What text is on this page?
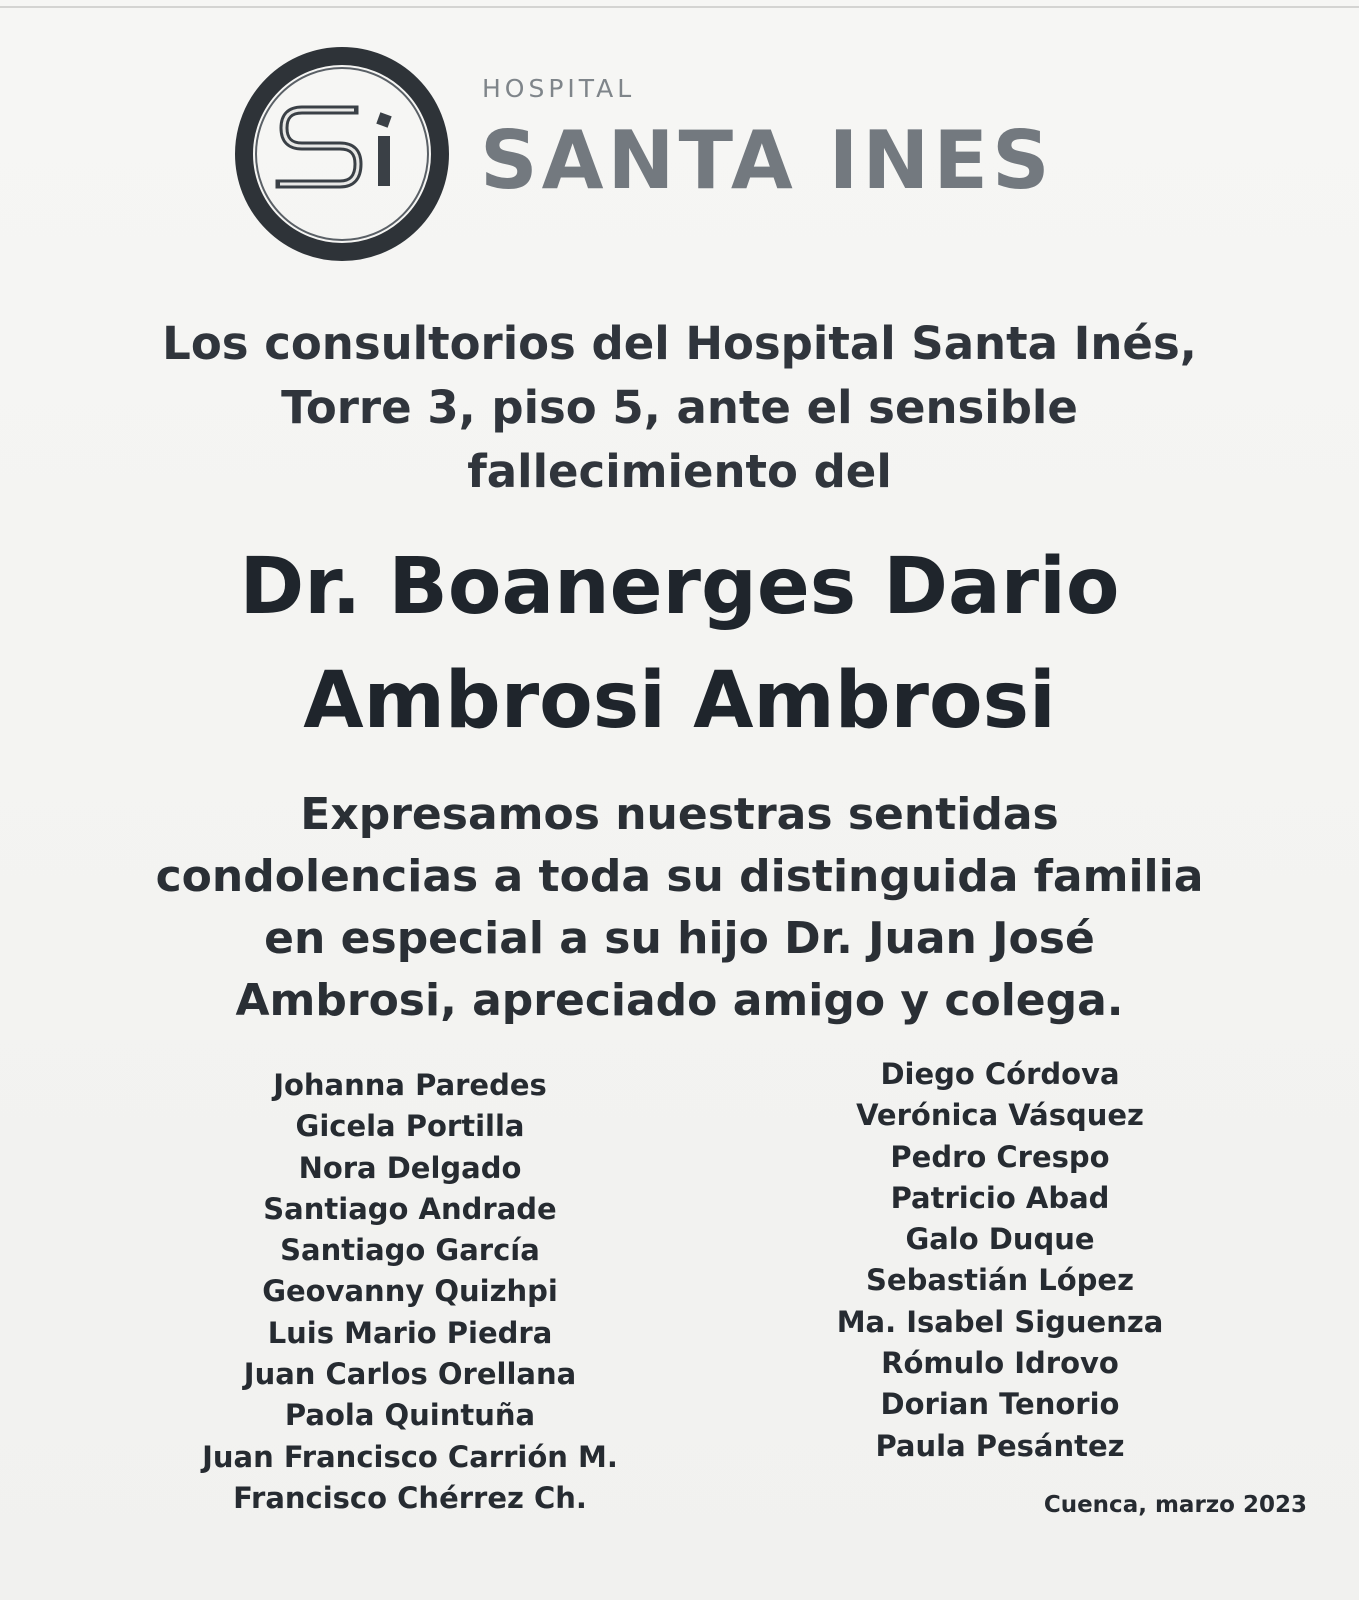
HOSPITAL
SANTA INES
Los consultorios del Hospital Santa Inés,
Torre 3, piso 5, ante el sensible
fallecimiento del
Dr. Boanerges Dario
Ambrosi Ambrosi
Expresamos nuestras sentidas
condolencias a toda su distinguida familia
en especial a su hijo Dr. Juan José
Ambrosi, apreciado amigo y colega.
Johanna Paredes
Gicela Portilla
Nora Delgado
Santiago Andrade
Santiago García
Geovanny Quizhpi
Luis Mario Piedra
Juan Carlos Orellana
Paola Quintuña
Juan Francisco Carrión M.
Francisco Chérrez Ch.
Diego Córdova
Verónica Vásquez
Pedro Crespo
Patricio Abad
Galo Duque
Sebastián López
Ma. Isabel Siguenza
Rómulo Idrovo
Dorian Tenorio
Paula Pesántez
Cuenca, marzo 2023
